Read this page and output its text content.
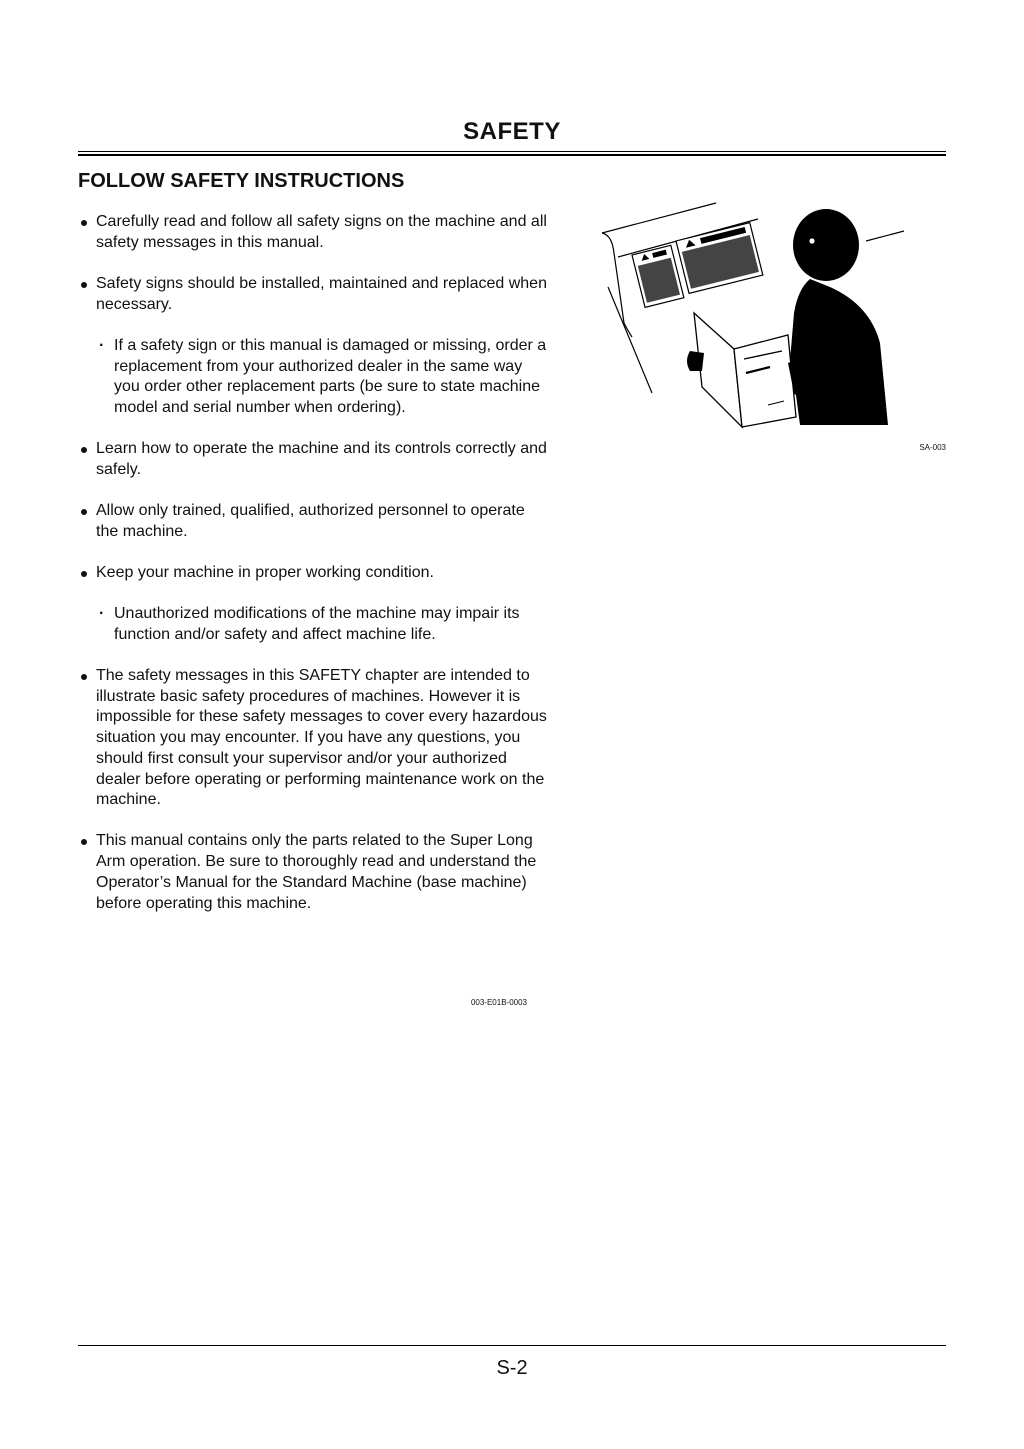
SAFETY
FOLLOW SAFETY INSTRUCTIONS

Carefully read and follow all safety signs on the machine and all safety messages in this manual.

Safety signs should be installed, maintained and replaced when necessary.

· If a safety sign or this manual is damaged or missing, order a replacement from your authorized dealer in the same way you order other replacement parts (be sure to state machine model and serial number when ordering).

Learn how to operate the machine and its controls correctly and safely.

Allow only trained, qualified, authorized personnel to operate the machine.

Keep your machine in proper working condition.

· Unauthorized modifications of the machine may impair its function and/or safety and affect machine life.

The safety messages in this SAFETY chapter are intended to illustrate basic safety procedures of machines. However it is impossible for these safety messages to cover every hazardous situation you may encounter. If you have any questions, you should first consult your supervisor and/or your authorized dealer before operating or performing maintenance work on the machine.

This manual contains only the parts related to the Super Long Arm operation. Be sure to thoroughly read and understand the Operator’s Manual for the Standard Machine (base machine) before operating this machine.

003-E01B-0003
SA-003
S-2
